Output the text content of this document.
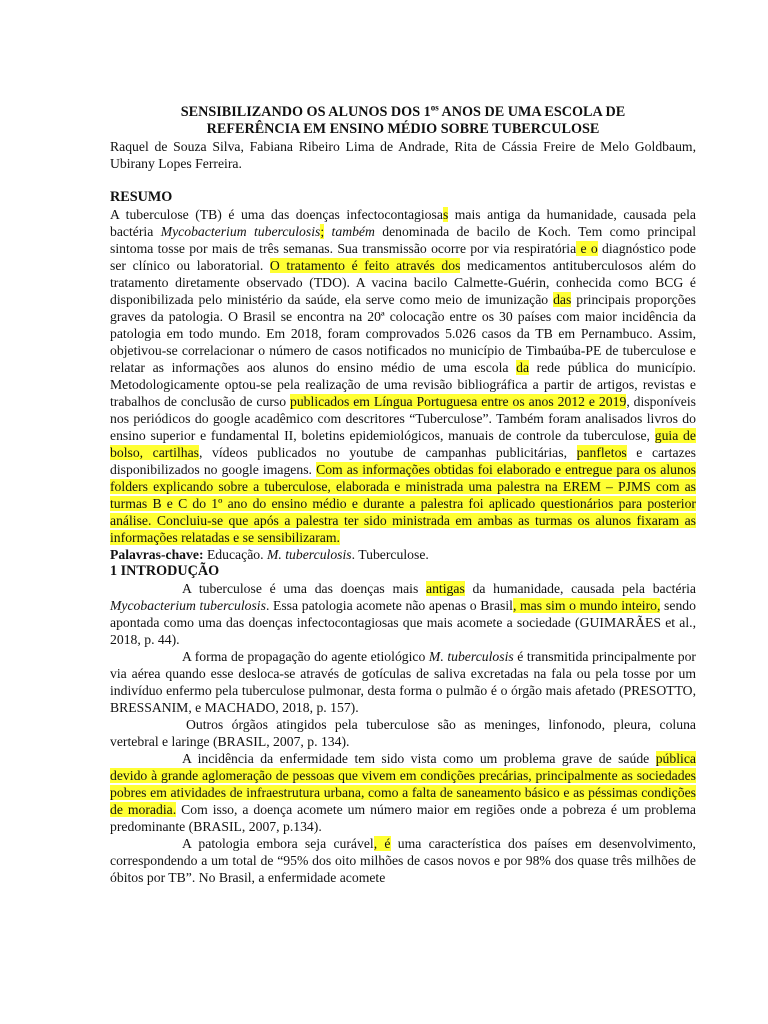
SENSIBILIZANDO OS ALUNOS DOS $1^{os}$ ANOS DE UMA ESCOLA DE
REFERÊNCIA EM ENSINO MÉDIO SOBRE TUBERCULOSE

Raquel de Souza Silva, Fabiana Ribeiro Lima de Andrade, Rita de Cássia Freire de Melo Goldbaum, Ubirany Lopes Ferreira.

RESUMO

A tuberculose (TB) é uma das doenças infectocontagiosas mais antiga da humanidade, causada pela bactéria Mycobacterium tuberculosis; também denominada de bacilo de Koch. Tem como principal sintoma tosse por mais de três semanas. Sua transmissão ocorre por via respiratória e o diagnóstico pode ser clínico ou laboratorial. O tratamento é feito através dos medicamentos antituberculosos além do tratamento diretamente observado (TDO). A vacina bacilo Calmette-Guérin, conhecida como BCG é disponibilizada pelo ministério da saúde, ela serve como meio de imunização das principais proporções graves da patologia. O Brasil se encontra na 20ª colocação entre os 30 países com maior incidência da patologia em todo mundo. Em 2018, foram comprovados 5.026 casos da TB em Pernambuco. Assim, objetivou-se correlacionar o número de casos notificados no município de Timbaúba-PE de tuberculose e relatar as informações aos alunos do ensino médio de uma escola da rede pública do município. Metodologicamente optou-se pela realização de uma revisão bibliográfica a partir de artigos, revistas e trabalhos de conclusão de curso publicados em Língua Portuguesa entre os anos 2012 e 2019, disponíveis nos periódicos do google acadêmico com descritores “Tuberculose”. Também foram analisados livros do ensino superior e fundamental II, boletins epidemiológicos, manuais de controle da tuberculose, guia de bolso, cartilhas, vídeos publicados no youtube de campanhas publicitárias, panfletos e cartazes disponibilizados no google imagens. Com as informações obtidas foi elaborado e entregue para os alunos folders explicando sobre a tuberculose, elaborada e ministrada uma palestra na EREM – PJMS com as turmas B e C do 1º ano do ensino médio e durante a palestra foi aplicado questionários para posterior análise. Concluiu-se que após a palestra ter sido ministrada em ambas as turmas os alunos fixaram as informações relatadas e se sensibilizaram.

Palavras-chave: Educação. M. tuberculosis. Tuberculose.

1 INTRODUÇÃO

A tuberculose é uma das doenças mais antigas da humanidade, causada pela bactéria Mycobacterium tuberculosis. Essa patologia acomete não apenas o Brasil, mas sim o mundo inteiro, sendo apontada como uma das doenças infectocontagiosas que mais acomete a sociedade (GUIMARÃES et al., 2018, p. 44).

A forma de propagação do agente etiológico M. tuberculosis é transmitida principalmente por via aérea quando esse desloca-se através de gotículas de saliva excretadas na fala ou pela tosse por um indivíduo enfermo pela tuberculose pulmonar, desta forma o pulmão é o órgão mais afetado (PRESOTTO, BRESSANIM, e MACHADO, 2018, p. 157).

Outros órgãos atingidos pela tuberculose são as meninges, linfonodo, pleura, coluna vertebral e laringe (BRASIL, 2007, p. 134).

A incidência da enfermidade tem sido vista como um problema grave de saúde pública devido à grande aglomeração de pessoas que vivem em condições precárias, principalmente as sociedades pobres em atividades de infraestrutura urbana, como a falta de saneamento básico e as péssimas condições de moradia. Com isso, a doença acomete um número maior em regiões onde a pobreza é um problema predominante (BRASIL, 2007, p.134).

A patologia embora seja curável, é uma característica dos países em desenvolvimento, correspondendo a um total de “95% dos oito milhões de casos novos e por 98% dos quase três milhões de óbitos por TB”. No Brasil, a enfermidade acomete
